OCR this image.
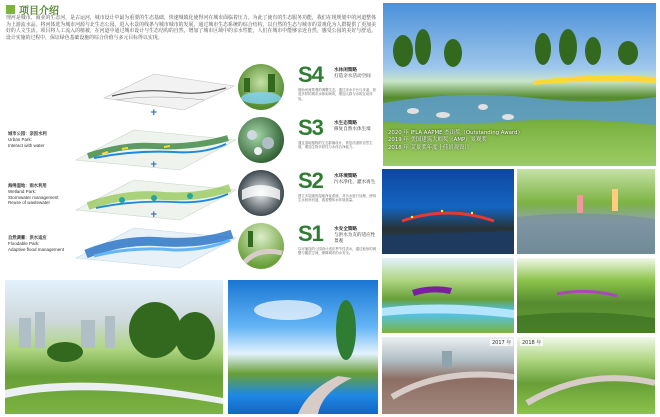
项目介绍
理河是城市、商业的生态河，是古运河，城市设计中最为重要的生态基础，快速城镇化使得河在城市面临着压力。为此了使有的生态服务功能，我们在现规划中的河道整体为上游流水品，将河体选为城市河源与北生态公园，进入水景的线条与城市城市的发展，通过城市生态系统的综合结构，以自然的生态与城市的景观化为人群提供了更加美好的人文生活。项目将人工流入的植被，在河道中通过城市设计与生态结构的自然，增加了城市区域中的亲水性能，人们在城市中能够亲近自然，感受公园的美好与舒适。设计实施的过程中，保证绿色基础设施的综合价值与多元目标得以实现。
+
+
+
城市公园：亲因水利
Urban Park:
Interact with water
海绵湿地：雨水利用
Wetland Park:
Stormwater management
Reuse of wastewater
自然调蓄：洪水适应
Floodable Park:
Adaptive flood management
S4 水休闲策略
打造亲水活动空间
借助河流景观的调整生态，通过亲水平台与步道，营造多样的城市水休闲场所，增加人群与水的互动体验。
S3 水生态策略
修复自然水体生境
通过湿地植物的生态群落设计，恢复河道的自然生境，增加生物多样性与水体自净能力。
S2 水环境策略
污水净化，灌水再生
建立多层级的湿地净化系统，对污水进行处理，使再生水回补河道，改善整体水环境质量。
S1 水安全策略
与洪水为友的适应性景观
以可淹没的公园设计适应季节性洪水，通过地形的调整与蓄洪空间，保障城市的水安全。
2020 年 IFLA AAPME 杰出奖（Outstanding Award）
2019 年 美国建筑大师奖（AMP）景观奖
2018 年 艾景奖年度十佳景观设计
2017 年	2018 年
